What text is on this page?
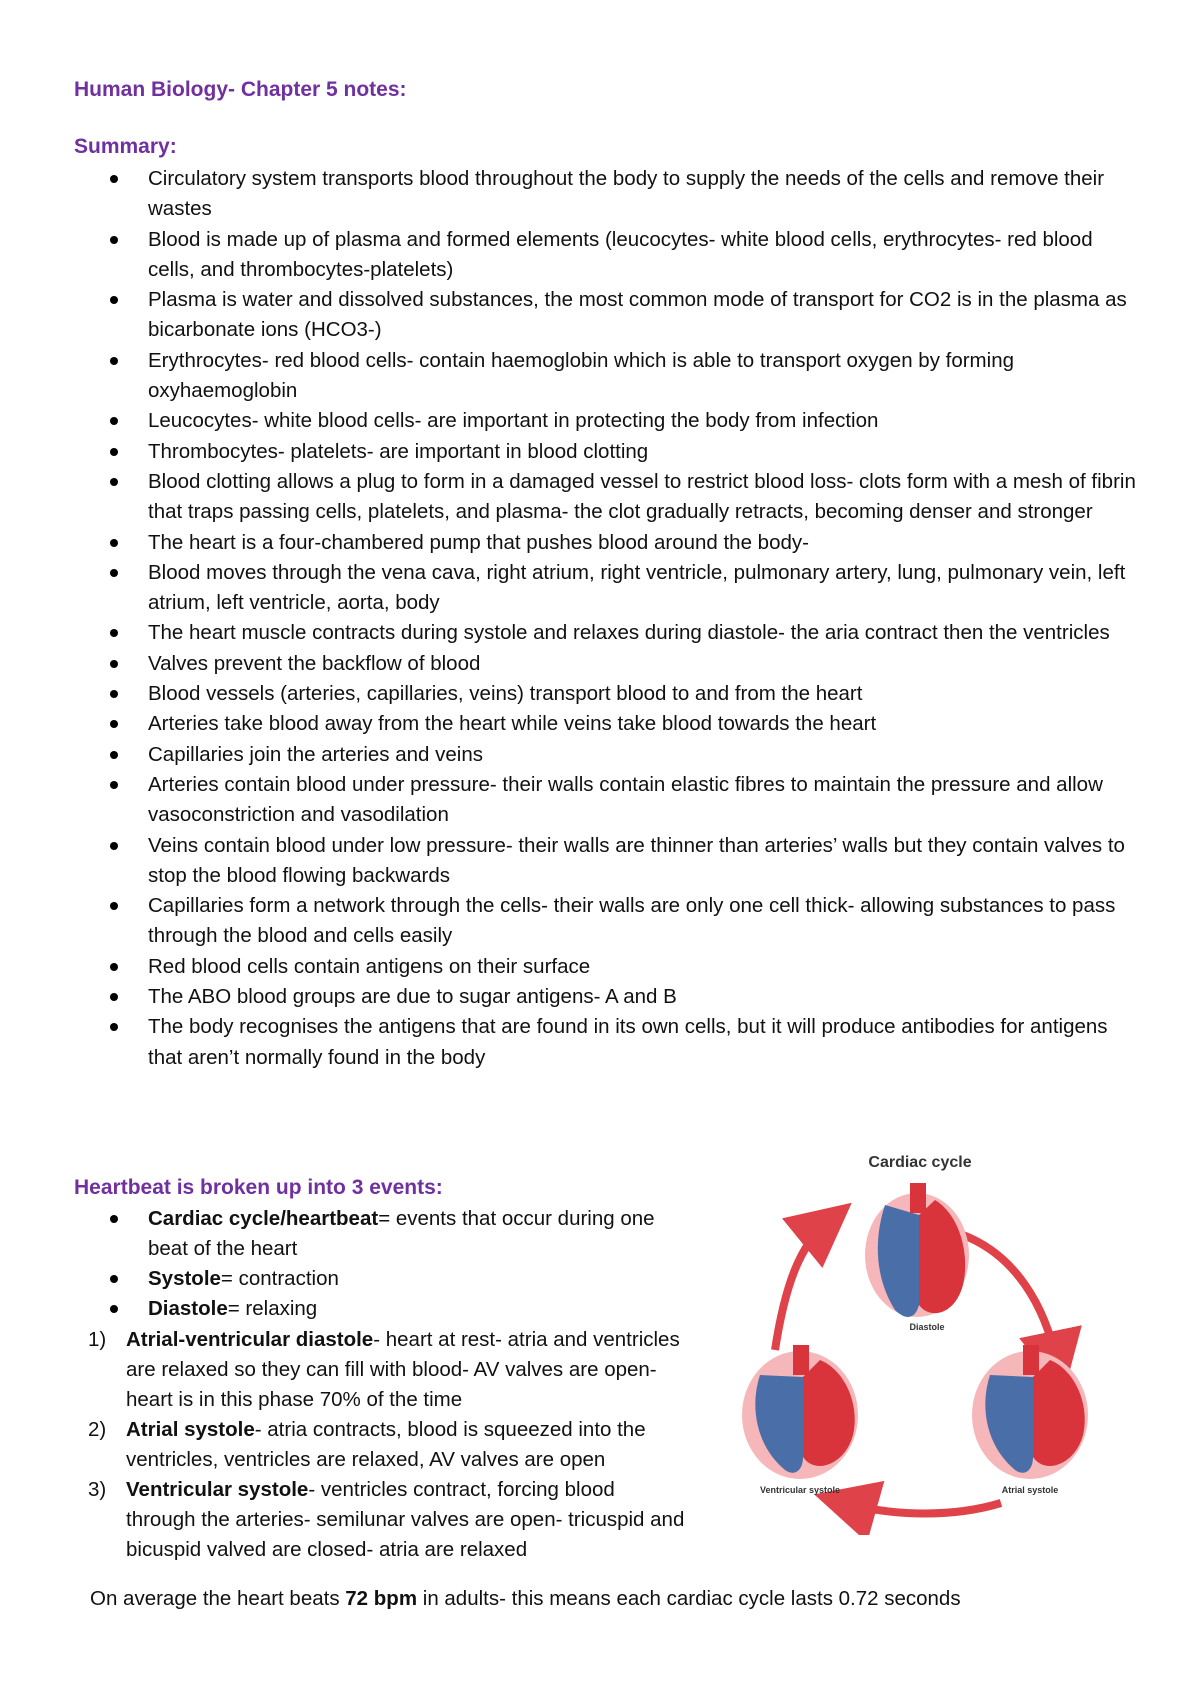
Human Biology- Chapter 5 notes:
Summary:
Circulatory system transports blood throughout the body to supply the needs of the cells and remove their wastes
Blood is made up of plasma and formed elements (leucocytes- white blood cells, erythrocytes- red blood cells, and thrombocytes-platelets)
Plasma is water and dissolved substances, the most common mode of transport for CO2 is in the plasma as bicarbonate ions (HCO3-)
Erythrocytes- red blood cells- contain haemoglobin which is able to transport oxygen by forming oxyhaemoglobin
Leucocytes- white blood cells- are important in protecting the body from infection
Thrombocytes- platelets- are important in blood clotting
Blood clotting allows a plug to form in a damaged vessel to restrict blood loss- clots form with a mesh of fibrin that traps passing cells, platelets, and plasma- the clot gradually retracts, becoming denser and stronger
The heart is a four-chambered pump that pushes blood around the body-
Blood moves through the vena cava, right atrium, right ventricle, pulmonary artery, lung, pulmonary vein, left atrium, left ventricle, aorta, body
The heart muscle contracts during systole and relaxes during diastole- the aria contract then the ventricles
Valves prevent the backflow of blood
Blood vessels (arteries, capillaries, veins) transport blood to and from the heart
Arteries take blood away from the heart while veins take blood towards the heart
Capillaries join the arteries and veins
Arteries contain blood under pressure- their walls contain elastic fibres to maintain the pressure and allow vasoconstriction and vasodilation
Veins contain blood under low pressure- their walls are thinner than arteries’ walls but they contain valves to stop the blood flowing backwards
Capillaries form a network through the cells- their walls are only one cell thick- allowing substances to pass through the blood and cells easily
Red blood cells contain antigens on their surface
The ABO blood groups are due to sugar antigens- A and B
The body recognises the antigens that are found in its own cells, but it will produce antibodies for antigens that aren’t normally found in the body
Heartbeat is broken up into 3 events:
Cardiac cycle/heartbeat= events that occur during one beat of the heart
Systole= contraction
Diastole= relaxing
1) Atrial-ventricular diastole- heart at rest- atria and ventricles are relaxed so they can fill with blood- AV valves are open- heart is in this phase 70% of the time
2) Atrial systole- atria contracts, blood is squeezed into the ventricles, ventricles are relaxed, AV valves are open
3) Ventricular systole- ventricles contract, forcing blood through the arteries- semilunar valves are open- tricuspid and bicuspid valved are closed- atria are relaxed

On average the heart beats 72 bpm in adults- this means each cardiac cycle lasts 0.72 seconds

Cardiac cycle
Diastole
Ventricular systole	Atrial systole
